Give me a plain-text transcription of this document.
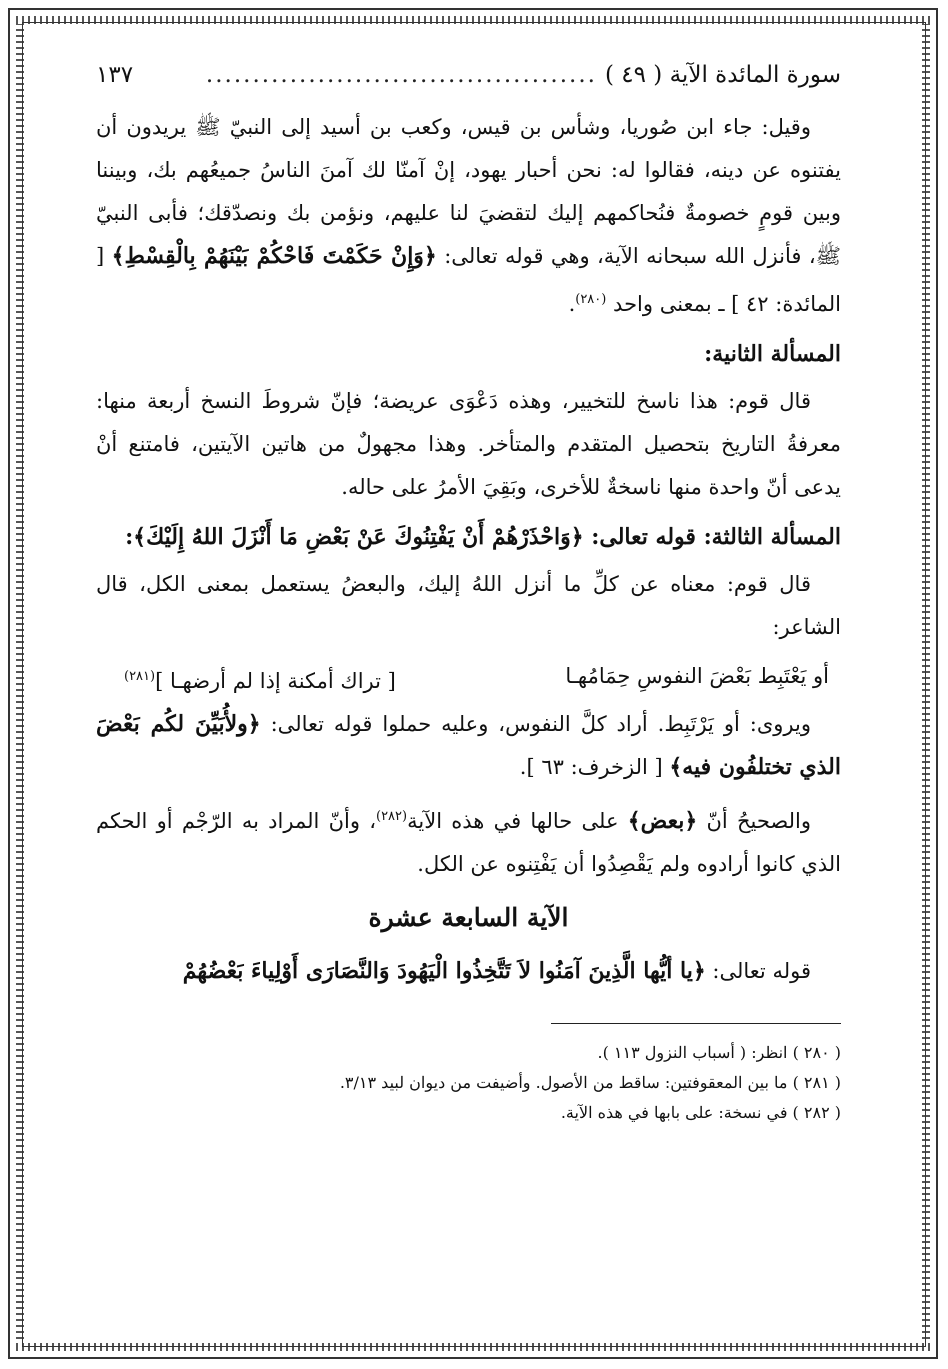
سورة المائدة الآية ( ٤٩ )
..........................................
١٣٧

وقيل: جاء ابن صُوريا، وشأس بن قيس، وكعب بن أسيد إلى النبيّ ﷺ يريدون أن يفتنوه عن دينه، فقالوا له: نحن أحبار يهود، إنْ آمنّا لك آمنَ الناسُ جميعُهم بك، وبيننا وبين قومٍ خصومةٌ فنُحاكمهم إليك لتقضيَ لنا عليهم، ونؤمن بك ونصدّقك؛ فأبى النبيّ ﷺ، فأنزل الله سبحانه الآية، وهي قوله تعالى: ﴿وَإِنْ حَكَمْتَ فَاحْكُمْ بَيْنَهُمْ بِالْقِسْطِ﴾ [ المائدة: ٤٢ ] ـ بمعنى واحد $^{(٢٨٠)}$.

المسألة الثانية:

قال قوم: هذا ناسخ للتخيير، وهذه دَعْوَى عريضة؛ فإنّ شروطَ النسخ أربعة منها: معرفةُ التاريخ بتحصيل المتقدم والمتأخر. وهذا مجهولٌ من هاتين الآيتين، فامتنع أنْ يدعى أنّ واحدة منها ناسخةٌ للأخرى، وبَقِيَ الأمرُ على حاله.

المسألة الثالثة: قوله تعالى: ﴿وَاحْذَرْهُمْ أَنْ يَفْتِنُوكَ عَنْ بَعْضِ مَا أَنْزَلَ اللهُ إِلَيْكَ﴾:

قال قوم: معناه عن كلِّ ما أنزل اللهُ إليك، والبعضُ يستعمل بمعنى الكل، قال الشاعر:

أو يَعْتَبِط بَعْضَ النفوسِ حِمَامُهـا
[ تراك أمكنة إذا لم أرضهـا ]$^{(٢٨١)}$

ويروى: أو يَرْتَبِط. أراد كلَّ النفوس، وعليه حملوا قوله تعالى: ﴿ولأُبَيِّنَ لكُم بَعْضَ الذي تختلفُون فيه﴾ [ الزخرف: ٦٣ ].

والصحيحُ أنّ ﴿بعض﴾ على حالها في هذه الآية$^{(٢٨٢)}$، وأنّ المراد به الرّجْم أو الحكم الذي كانوا أرادوه ولم يَقْصِدُوا أن يَفْتِنوه عن الكل.

الآية السابعة عشرة

قوله تعالى: ﴿يا أيُّها الَّذِينَ آمَنُوا لاَ تَتَّخِذُوا الْيَهُودَ وَالنَّصَارَى أَوْلِياءَ بَعْضُهُمْ

( ٢٨٠ ) انظر: ( أسباب النزول ١١٣ ).

( ٢٨١ ) ما بين المعقوفتين: ساقط من الأصول. وأضيفت من ديوان لبيد ٣/١٣.

( ٢٨٢ ) في نسخة: على بابها في هذه الآية.
